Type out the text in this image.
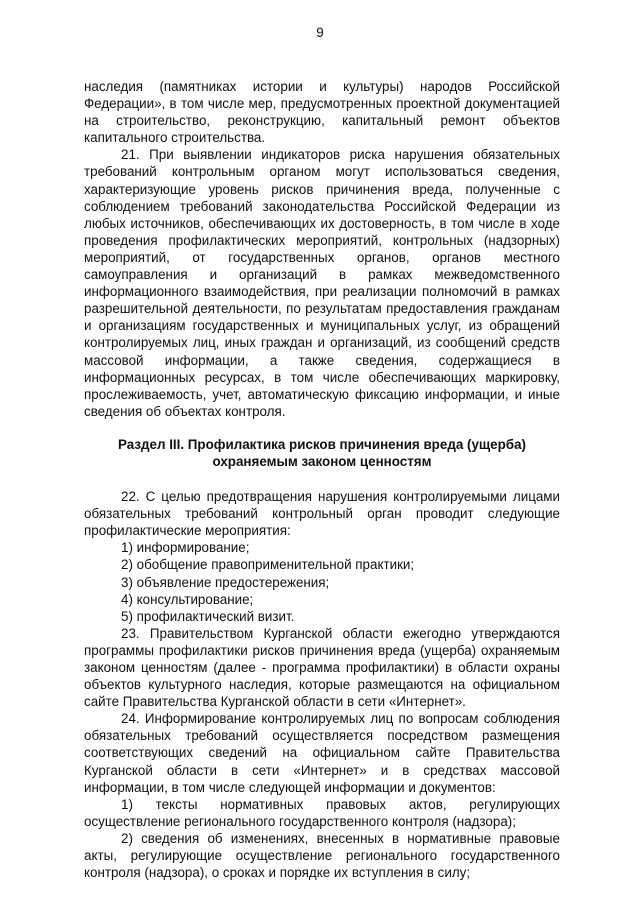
9

наследия (памятниках истории и культуры) народов Российской Федерации», в том числе мер, предусмотренных проектной документацией на строительство, реконструкцию, капитальный ремонт объектов капитального строительства.

21. При выявлении индикаторов риска нарушения обязательных требований контрольным органом могут использоваться сведения, характеризующие уровень рисков причинения вреда, полученные с соблюдением требований законодательства Российской Федерации из любых источников, обеспечивающих их достоверность, в том числе в ходе проведения профилактических мероприятий, контрольных (надзорных) мероприятий, от государственных органов, органов местного самоуправления и организаций в рамках межведомственного информационного взаимодействия, при реализации полномочий в рамках разрешительной деятельности, по результатам предоставления гражданам и организациям государственных и муниципальных услуг, из обращений контролируемых лиц, иных граждан и организаций, из сообщений средств массовой информации, а также сведения, содержащиеся в информационных ресурсах, в том числе обеспечивающих маркировку, прослеживаемость, учет, автоматическую фиксацию информации, и иные сведения об объектах контроля.

Раздел III. Профилактика рисков причинения вреда (ущерба)

охраняемым законом ценностям

22. С целью предотвращения нарушения контролируемыми лицами обязательных требований контрольный орган проводит следующие профилактические мероприятия:

1) информирование;

2) обобщение правоприменительной практики;

3) объявление предостережения;

4) консультирование;

5) профилактический визит.

23. Правительством Курганской области ежегодно утверждаются программы профилактики рисков причинения вреда (ущерба) охраняемым законом ценностям (далее - программа профилактики) в области охраны объектов культурного наследия, которые размещаются на официальном сайте Правительства Курганской области в сети «Интернет».

24. Информирование контролируемых лиц по вопросам соблюдения обязательных требований осуществляется посредством размещения соответствующих сведений на официальном сайте Правительства Курганской области в сети «Интернет» и в средствах массовой информации, в том числе следующей информации и документов:

1) тексты нормативных правовых актов, регулирующих осуществление регионального государственного контроля (надзора);

2) сведения об изменениях, внесенных в нормативные правовые акты, регулирующие осуществление регионального государственного контроля (надзора), о сроках и порядке их вступления в силу;
